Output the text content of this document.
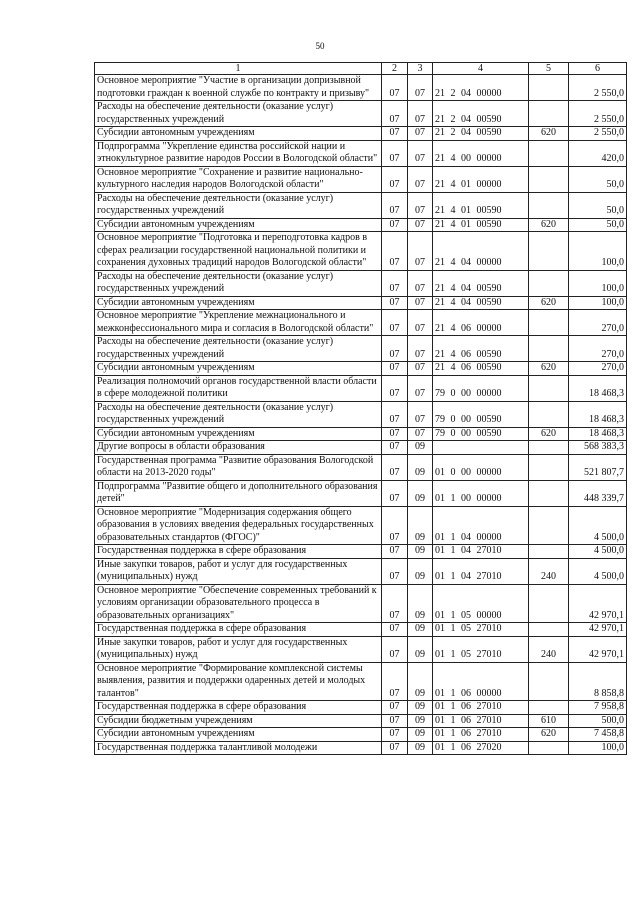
50
1	2	3	4	5	6
Основное мероприятие "Участие в организации допризывной подготовки граждан к военной службе по контракту и призыву"	07	07	21 2 04 00000		2 550,0
Расходы на обеспечение деятельности (оказание услуг) государственных учреждений	07	07	21 2 04 00590		2 550,0
Субсидии автономным учреждениям	07	07	21 2 04 00590	620	2 550,0
Подпрограмма "Укрепление единства российской нации и этнокультурное развитие народов России в Вологодской области"	07	07	21 4 00 00000		420,0
Основное мероприятие "Сохранение и развитие национально-культурного наследия народов Вологодской области"	07	07	21 4 01 00000		50,0
Расходы на обеспечение деятельности (оказание услуг) государственных учреждений	07	07	21 4 01 00590		50,0
Субсидии автономным учреждениям	07	07	21 4 01 00590	620	50,0
Основное мероприятие "Подготовка и переподготовка кадров в сферах реализации государственной национальной политики и сохранения духовных традиций народов Вологодской области"	07	07	21 4 04 00000		100,0
Расходы на обеспечение деятельности (оказание услуг) государственных учреждений	07	07	21 4 04 00590		100,0
Субсидии автономным учреждениям	07	07	21 4 04 00590	620	100,0
Основное мероприятие "Укрепление межнационального и межконфессионального мира и согласия в Вологодской области"	07	07	21 4 06 00000		270,0
Расходы на обеспечение деятельности (оказание услуг) государственных учреждений	07	07	21 4 06 00590		270,0
Субсидии автономным учреждениям	07	07	21 4 06 00590	620	270,0
Реализация полномочий органов государственной власти области в сфере молодежной политики	07	07	79 0 00 00000		18 468,3
Расходы на обеспечение деятельности (оказание услуг) государственных учреждений	07	07	79 0 00 00590		18 468,3
Субсидии автономным учреждениям	07	07	79 0 00 00590	620	18 468,3
Другие вопросы в области образования	07	09			568 383,3
Государственная программа "Развитие образования Вологодской области на 2013-2020 годы"	07	09	01 0 00 00000		521 807,7
Подпрограмма "Развитие общего и дополнительного образования детей"	07	09	01 1 00 00000		448 339,7
Основное мероприятие "Модернизация содержания общего образования в условиях введения федеральных государственных образовательных стандартов (ФГОС)"	07	09	01 1 04 00000		4 500,0
Государственная поддержка в сфере образования	07	09	01 1 04 27010		4 500,0
Иные закупки товаров, работ и услуг для государственных (муниципальных) нужд	07	09	01 1 04 27010	240	4 500,0
Основное мероприятие "Обеспечение современных требований к условиям организации образовательного процесса в образовательных организациях"	07	09	01 1 05 00000		42 970,1
Государственная поддержка в сфере образования	07	09	01 1 05 27010		42 970,1
Иные закупки товаров, работ и услуг для государственных (муниципальных) нужд	07	09	01 1 05 27010	240	42 970,1
Основное мероприятие "Формирование комплексной системы выявления, развития и поддержки одаренных детей и молодых талантов"	07	09	01 1 06 00000		8 858,8
Государственная поддержка в сфере образования	07	09	01 1 06 27010		7 958,8
Субсидии бюджетным учреждениям	07	09	01 1 06 27010	610	500,0
Субсидии автономным учреждениям	07	09	01 1 06 27010	620	7 458,8
Государственная поддержка талантливой молодежи	07	09	01 1 06 27020		100,0
